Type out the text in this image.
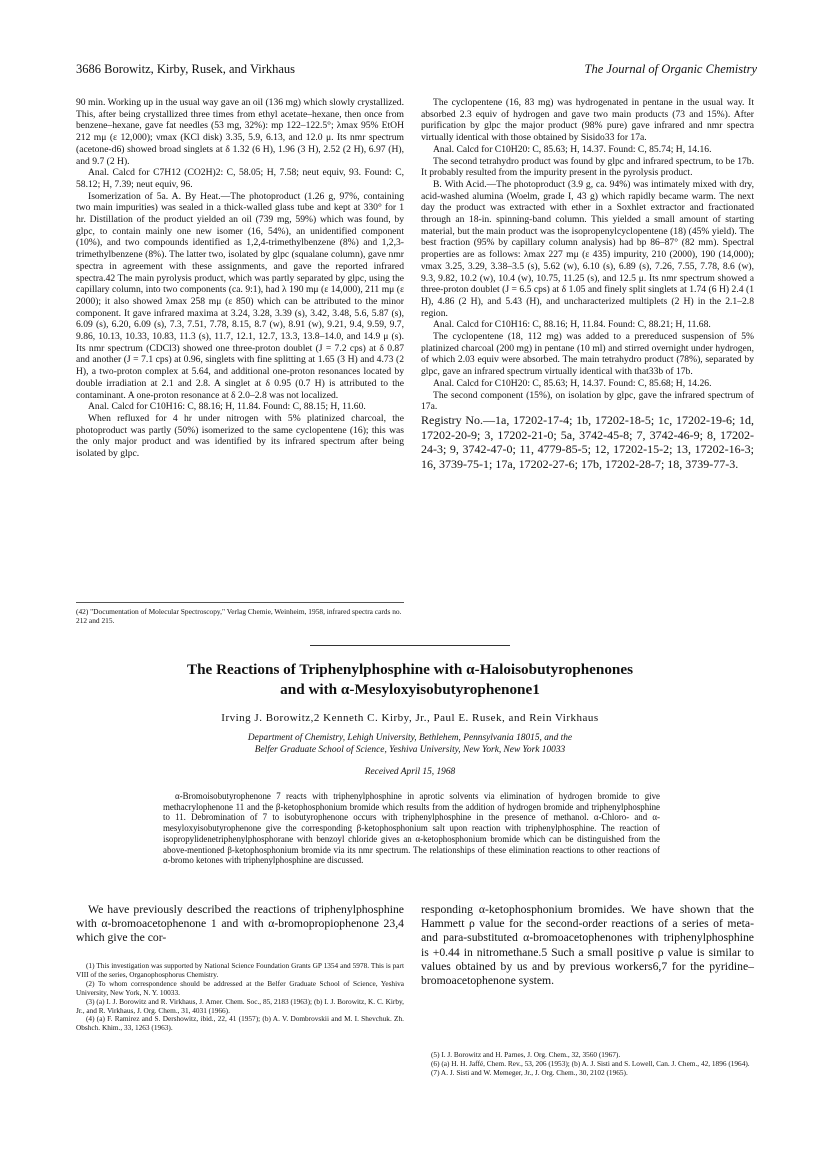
3686 Borowitz, Kirby, Rusek, and Virkhaus	The Journal of Organic Chemistry

90 min. Working up in the usual way gave an oil (136 mg) which slowly crystallized. This, after being crystallized three times from ethyl acetate–hexane, then once from benzene–hexane, gave fat needles (53 mg, 32%): mp 122–122.5°; λmax 95% EtOH 212 mμ (ε 12,000); νmax (KCl disk) 3.35, 5.9, 6.13, and 12.0 μ. Its nmr spectrum (acetone-d6) showed broad singlets at δ 1.32 (6 H), 1.96 (3 H), 2.52 (2 H), 6.97 (H), and 9.7 (2 H).

Anal. Calcd for C7H12 (CO2H)2: C, 58.05; H, 7.58; neut equiv, 93. Found: C, 58.12; H, 7.39; neut equiv, 96.

Isomerization of 5a. A. By Heat.—The photoproduct (1.26 g, 97%, containing two main impurities) was sealed in a thick-walled glass tube and kept at 330° for 1 hr. Distillation of the product yielded an oil (739 mg, 59%) which was found, by glpc, to contain mainly one new isomer (16, 54%), an unidentified component (10%), and two compounds identified as 1,2,4-trimethylbenzene (8%) and 1,2,3-trimethylbenzene (8%). The latter two, isolated by glpc (squalane column), gave nmr spectra in agreement with these assignments, and gave the reported infrared spectra.42 The main pyrolysis product, which was partly separated by glpc, using the capillary column, into two components (ca. 9:1), had λ 190 mμ (ε 14,000), 211 mμ (ε 2000); it also showed λmax 258 mμ (ε 850) which can be attributed to the minor component. It gave infrared maxima at 3.24, 3.28, 3.39 (s), 3.42, 3.48, 5.6, 5.87 (s), 6.09 (s), 6.20, 6.09 (s), 7.3, 7.51, 7.78, 8.15, 8.7 (w), 8.91 (w), 9.21, 9.4, 9.59, 9.7, 9.86, 10.13, 10.33, 10.83, 11.3 (s), 11.7, 12.1, 12.7, 13.3, 13.8–14.0, and 14.9 μ (s). Its nmr spectrum (CDCl3) showed one three-proton doublet (J = 7.2 cps) at δ 0.87 and another (J = 7.1 cps) at 0.96, singlets with fine splitting at 1.65 (3 H) and 4.73 (2 H), a two-proton complex at 5.64, and additional one-proton resonances located by double irradiation at 2.1 and 2.8. A singlet at δ 0.95 (0.7 H) is attributed to the contaminant. A one-proton resonance at δ 2.0–2.8 was not localized.

Anal. Calcd for C10H16: C, 88.16; H, 11.84. Found: C, 88.15; H, 11.60.

When refluxed for 4 hr under nitrogen with 5% platinized charcoal, the photoproduct was partly (50%) isomerized to the same cyclopentene (16); this was the only major product and was identified by its infrared spectrum after being isolated by glpc.

(42) "Documentation of Molecular Spectroscopy," Verlag Chemie, Weinheim, 1958, infrared spectra cards no. 212 and 215.

The cyclopentene (16, 83 mg) was hydrogenated in pentane in the usual way. It absorbed 2.3 equiv of hydrogen and gave two main products (73 and 15%). After purification by glpc the major product (98% pure) gave infrared and nmr spectra virtually identical with those obtained by Sisido33 for 17a.

Anal. Calcd for C10H20: C, 85.63; H, 14.37. Found: C, 85.74; H, 14.16.

The second tetrahydro product was found by glpc and infrared spectrum, to be 17b. It probably resulted from the impurity present in the pyrolysis product.

B. With Acid.—The photoproduct (3.9 g, ca. 94%) was intimately mixed with dry, acid-washed alumina (Woelm, grade I, 43 g) which rapidly became warm. The next day the product was extracted with ether in a Soxhlet extractor and fractionated through an 18-in. spinning-band column. This yielded a small amount of starting material, but the main product was the isopropenylcyclopentene (18) (45% yield). The best fraction (95% by capillary column analysis) had bp 86–87° (82 mm). Spectral properties are as follows: λmax 227 mμ (ε 435) impurity, 210 (2000), 190 (14,000); νmax 3.25, 3.29, 3.38–3.5 (s), 5.62 (w), 6.10 (s), 6.89 (s), 7.26, 7.55, 7.78, 8.6 (w), 9.3, 9.82, 10.2 (w), 10.4 (w), 10.75, 11.25 (s), and 12.5 μ. Its nmr spectrum showed a three-proton doublet (J = 6.5 cps) at δ 1.05 and finely split singlets at 1.74 (6 H) 2.4 (1 H), 4.86 (2 H), and 5.43 (H), and uncharacterized multiplets (2 H) in the 2.1–2.8 region.

Anal. Calcd for C10H16: C, 88.16; H, 11.84. Found: C, 88.21; H, 11.68.

The cyclopentene (18, 112 mg) was added to a prereduced suspension of 5% platinized charcoal (200 mg) in pentane (10 ml) and stirred overnight under hydrogen, of which 2.03 equiv were absorbed. The main tetrahydro product (78%), separated by glpc, gave an infrared spectrum virtually identical with that33b of 17b.

Anal. Calcd for C10H20: C, 85.63; H, 14.37. Found: C, 85.68; H, 14.26.

The second component (15%), on isolation by glpc, gave the infrared spectrum of 17a.

Registry No.—1a, 17202-17-4; 1b, 17202-18-5; 1c, 17202-19-6; 1d, 17202-20-9; 3, 17202-21-0; 5a, 3742-45-8; 7, 3742-46-9; 8, 17202-24-3; 9, 3742-47-0; 11, 4779-85-5; 12, 17202-15-2; 13, 17202-16-3; 16, 3739-75-1; 17a, 17202-27-6; 17b, 17202-28-7; 18, 3739-77-3.

The Reactions of Triphenylphosphine with α-Haloisobutyrophenones
and with α-Mesyloxyisobutyrophenone1
Irving J. Borowitz,2 Kenneth C. Kirby, Jr., Paul E. Rusek, and Rein Virkhaus
Department of Chemistry, Lehigh University, Bethlehem, Pennsylvania 18015, and the
Belfer Graduate School of Science, Yeshiva University, New York, New York 10033
Received April 15, 1968
α-Bromoisobutyrophenone 7 reacts with triphenylphosphine in aprotic solvents via elimination of hydrogen bromide to give methacrylophenone 11 and the β-ketophosphonium bromide which results from the addition of hydrogen bromide and triphenylphosphine to 11. Debromination of 7 to isobutyrophenone occurs with triphenylphosphine in the presence of methanol. α-Chloro- and α-mesyloxyisobutyrophenone give the corresponding β-ketophosphonium salt upon reaction with triphenylphosphine. The reaction of isopropylidenetriphenylphosphorane with benzoyl chloride gives an α-ketophosphonium bromide which can be distinguished from the above-mentioned β-ketophosphonium bromide via its nmr spectrum. The relationships of these elimination reactions to other reactions of α-bromo ketones with triphenylphosphine are discussed.
We have previously described the reactions of triphenylphosphine with α-bromoacetophenone 1 and with α-bromopropiophenone 23,4 which give the cor-
responding α-ketophosphonium bromides. We have shown that the Hammett ρ value for the second-order reactions of a series of meta- and para-substituted α-bromoacetophenones with triphenylphosphine is +0.44 in nitromethane.5 Such a small positive ρ value is similar to values obtained by us and by previous workers6,7 for the pyridine–bromoacetophenone system.
(1) This investigation was supported by National Science Foundation Grants GP 1354 and 5978. This is part VIII of the series, Organophosphorus Chemistry.
(2) To whom correspondence should be addressed at the Belfer Graduate School of Science, Yeshiva University, New York, N. Y. 10033.
(3) (a) I. J. Borowitz and R. Virkhaus, J. Amer. Chem. Soc., 85, 2183 (1963); (b) I. J. Borowitz, K. C. Kirby, Jr., and R. Virkhaus, J. Org. Chem., 31, 4031 (1966).
(4) (a) F. Ramirez and S. Dershowitz, ibid., 22, 41 (1957); (b) A. V. Dombrovskii and M. I. Shevchuk. Zh. Obshch. Khim., 33, 1263 (1963).
(5) I. J. Borowitz and H. Parnes, J. Org. Chem., 32, 3560 (1967).
(6) (a) H. H. Jaffé, Chem. Rev., 53, 206 (1953); (b) A. J. Sisti and S. Lowell, Can. J. Chem., 42, 1896 (1964).
(7) A. J. Sisti and W. Memeger, Jr., J. Org. Chem., 30, 2102 (1965).
